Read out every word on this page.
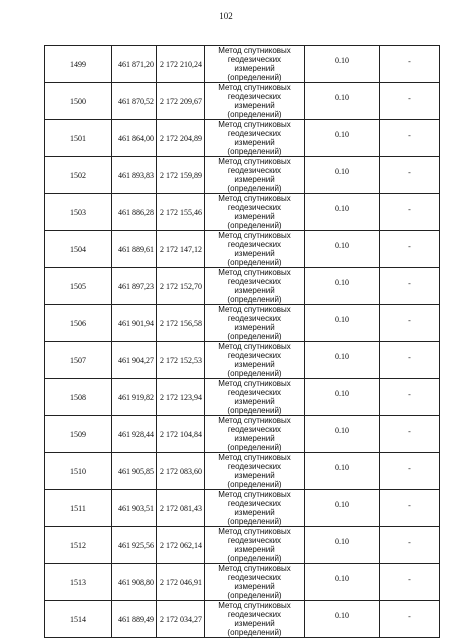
102
1499	461 871,20	2 172 210,24	Метод спутниковых геодезических измерений (определений)	0.10	-
1500	461 870,52	2 172 209,67	Метод спутниковых геодезических измерений (определений)	0.10	-
1501	461 864,00	2 172 204,89	Метод спутниковых геодезических измерений (определений)	0.10	-
1502	461 893,83	2 172 159,89	Метод спутниковых геодезических измерений (определений)	0.10	-
1503	461 886,28	2 172 155,46	Метод спутниковых геодезических измерений (определений)	0.10	-
1504	461 889,61	2 172 147,12	Метод спутниковых геодезических измерений (определений)	0.10	-
1505	461 897,23	2 172 152,70	Метод спутниковых геодезических измерений (определений)	0.10	-
1506	461 901,94	2 172 156,58	Метод спутниковых геодезических измерений (определений)	0.10	-
1507	461 904,27	2 172 152,53	Метод спутниковых геодезических измерений (определений)	0.10	-
1508	461 919,82	2 172 123,94	Метод спутниковых геодезических измерений (определений)	0.10	-
1509	461 928,44	2 172 104,84	Метод спутниковых геодезических измерений (определений)	0.10	-
1510	461 905,85	2 172 083,60	Метод спутниковых геодезических измерений (определений)	0.10	-
1511	461 903,51	2 172 081,43	Метод спутниковых геодезических измерений (определений)	0.10	-
1512	461 925,56	2 172 062,14	Метод спутниковых геодезических измерений (определений)	0.10	-
1513	461 908,80	2 172 046,91	Метод спутниковых геодезических измерений (определений)	0.10	-
1514	461 889,49	2 172 034,27	Метод спутниковых геодезических измерений (определений)	0.10	-
